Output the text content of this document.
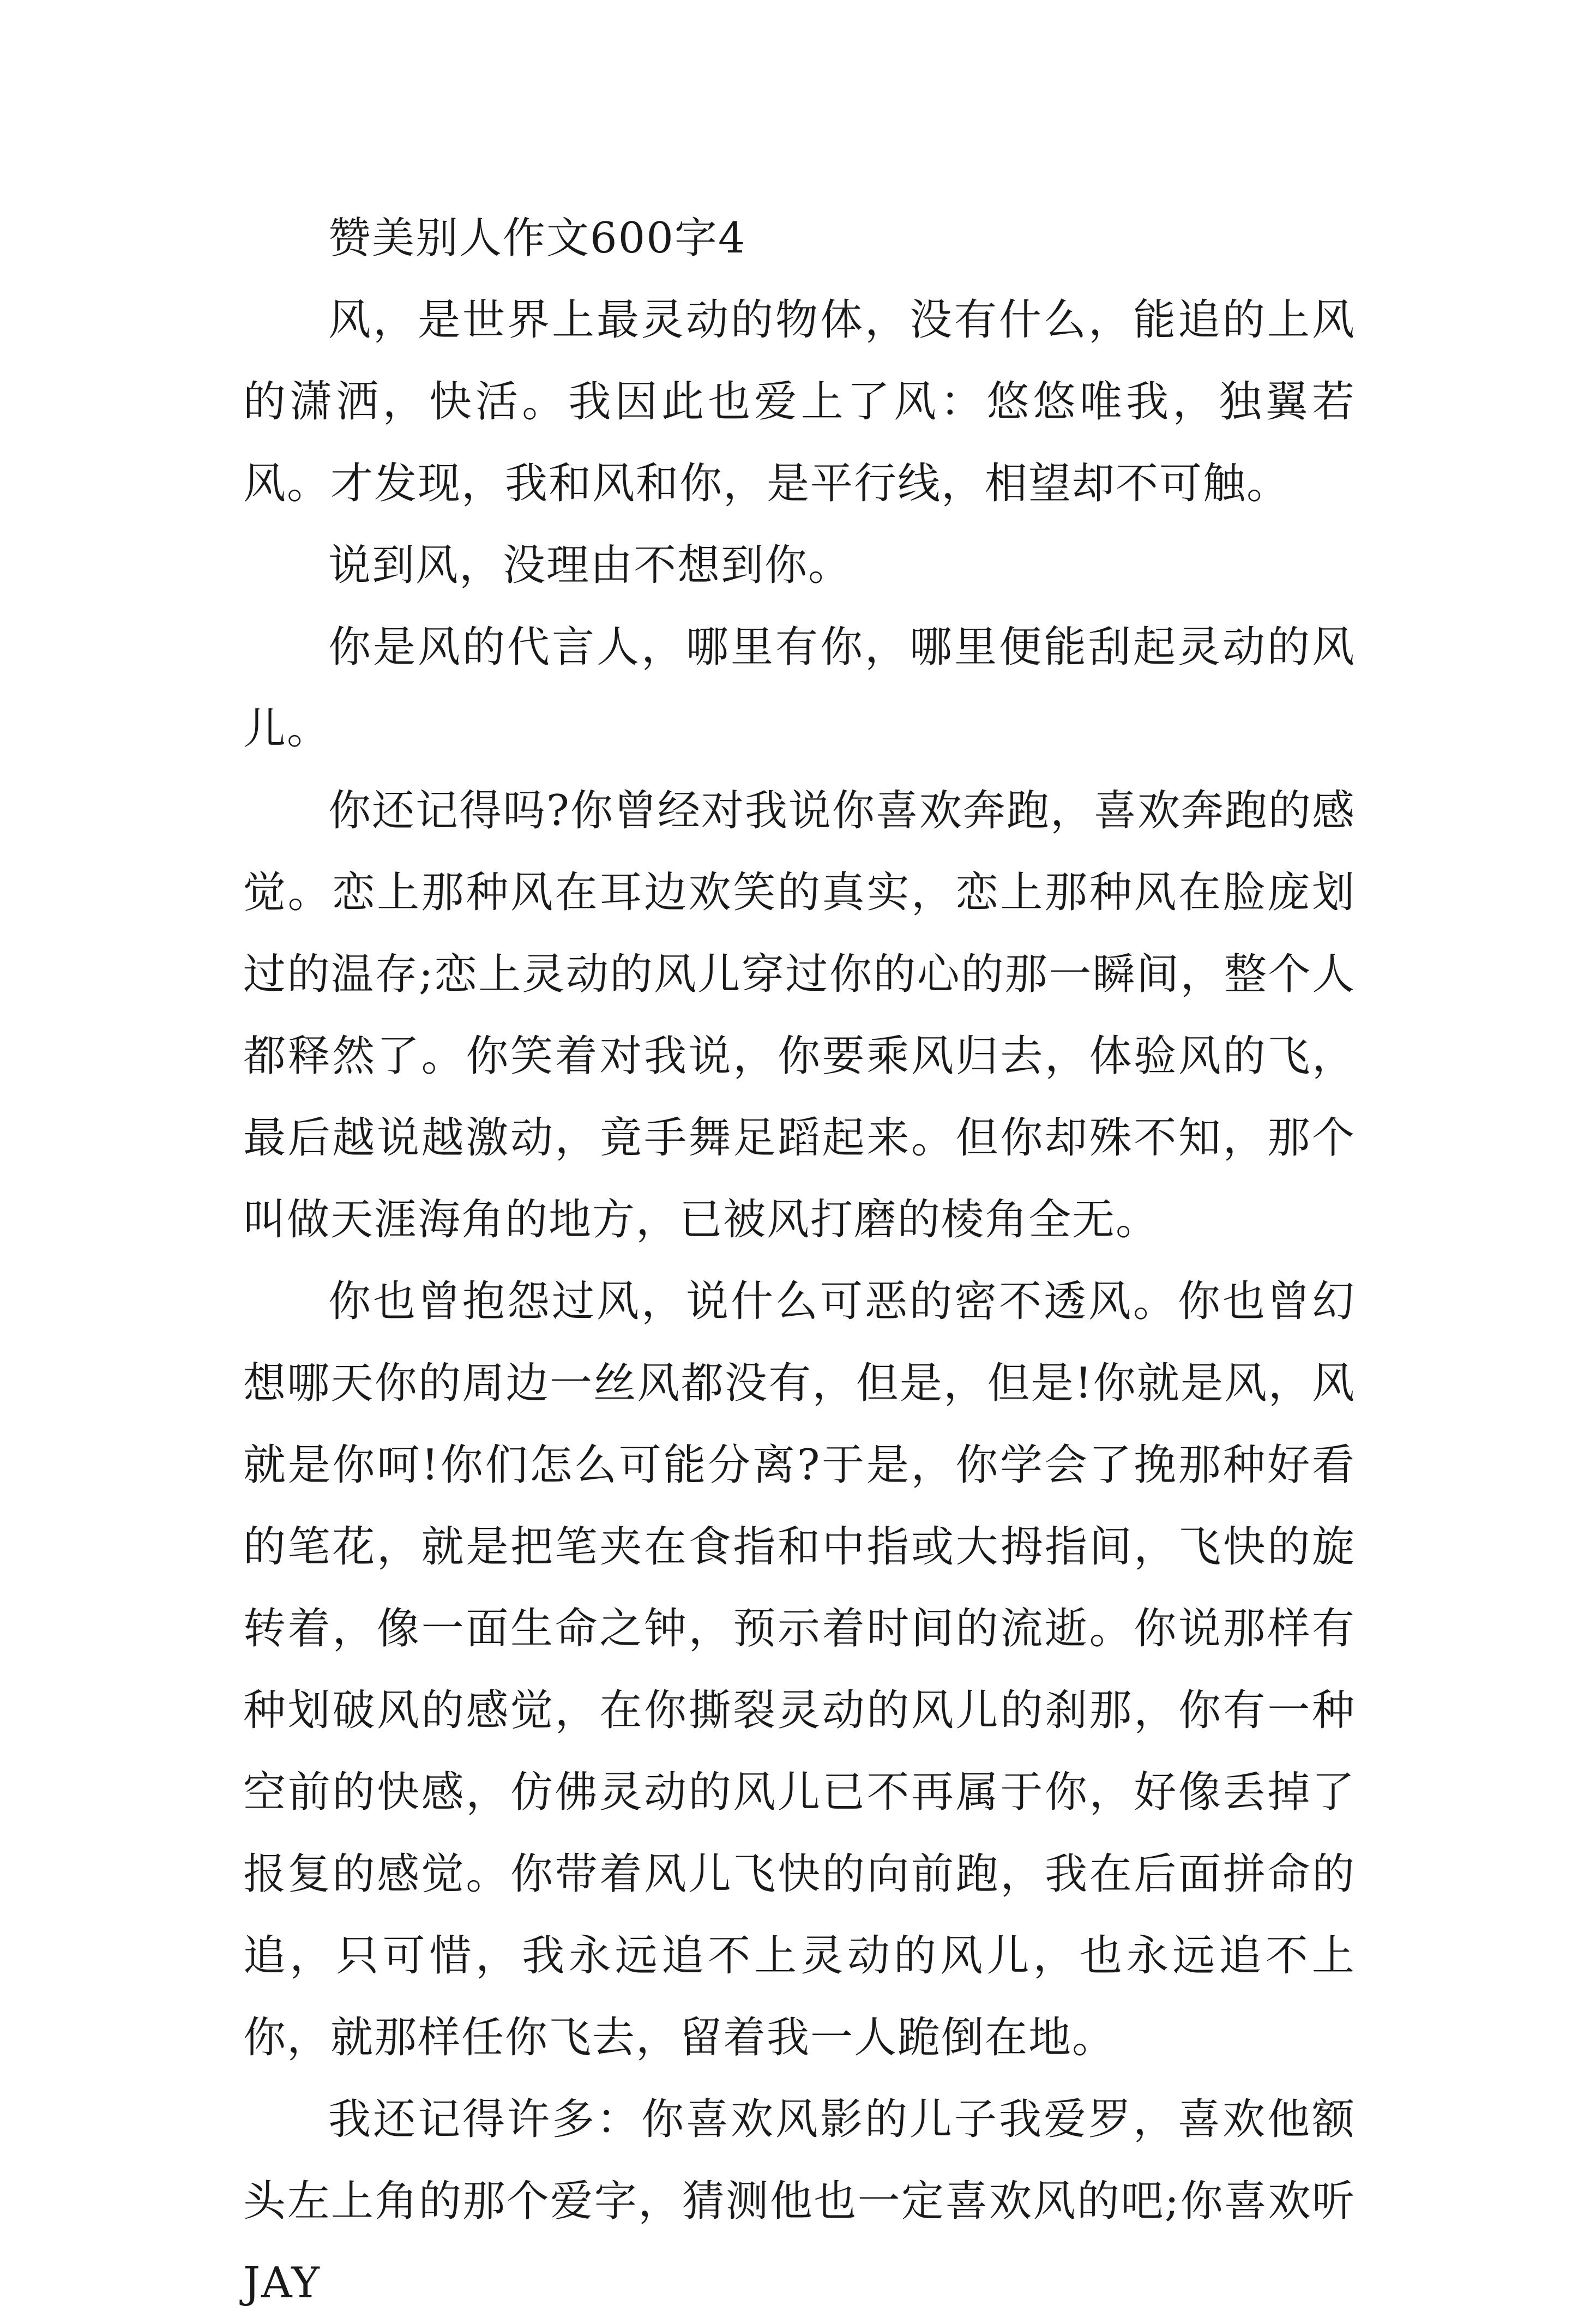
赞美别人作文600字4

风，是世界上最灵动的物体，没有什么，能追的上风的潇洒，快活。我因此也爱上了风：悠悠唯我，独翼若风。才发现，我和风和你，是平行线，相望却不可触。

说到风，没理由不想到你。

你是风的代言人，哪里有你，哪里便能刮起灵动的风儿。

你还记得吗?你曾经对我说你喜欢奔跑，喜欢奔跑的感觉。恋上那种风在耳边欢笑的真实，恋上那种风在脸庞划过的温存;恋上灵动的风儿穿过你的心的那一瞬间，整个人都释然了。你笑着对我说，你要乘风归去，体验风的飞，最后越说越激动，竟手舞足蹈起来。但你却殊不知，那个叫做天涯海角的地方，已被风打磨的棱角全无。

你也曾抱怨过风，说什么可恶的密不透风。你也曾幻想哪天你的周边一丝风都没有，但是，但是!你就是风，风就是你呵!你们怎么可能分离?于是，你学会了挽那种好看的笔花，就是把笔夹在食指和中指或大拇指间，飞快的旋转着，像一面生命之钟，预示着时间的流逝。你说那样有种划破风的感觉，在你撕裂灵动的风儿的刹那，你有一种空前的快感，仿佛灵动的风儿已不再属于你，好像丢掉了报复的感觉。你带着风儿飞快的向前跑，我在后面拼命的追，只可惜，我永远追不上灵动的风儿，也永远追不上你，就那样任你飞去，留着我一人跪倒在地。

我还记得许多：你喜欢风影的儿子我爱罗，喜欢他额头左上角的那个爱字，猜测他也一定喜欢风的吧;你喜欢听JAY
